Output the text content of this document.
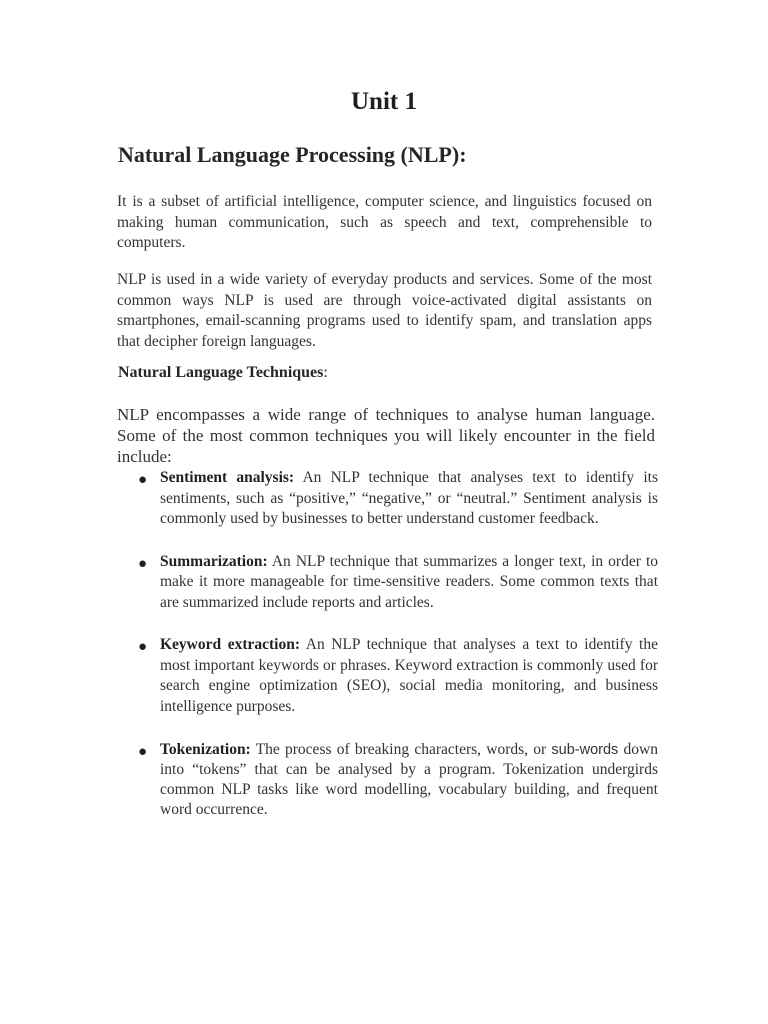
Unit 1
Natural Language Processing (NLP):

It is a subset of artificial intelligence, computer science, and linguistics focused on making human communication, such as speech and text, comprehensible to computers.

NLP is used in a wide variety of everyday products and services. Some of the most common ways NLP is used are through voice-activated digital assistants on smartphones, email-scanning programs used to identify spam, and translation apps that decipher foreign languages.

Natural Language Techniques:

NLP encompasses a wide range of techniques to analyse human language. Some of the most common techniques you will likely encounter in the field include:

● Sentiment analysis: An NLP technique that analyses text to identify its sentiments, such as “positive,” “negative,” or “neutral.” Sentiment analysis is commonly used by businesses to better understand customer feedback.
● Summarization: An NLP technique that summarizes a longer text, in order to make it more manageable for time-sensitive readers. Some common texts that are summarized include reports and articles.
● Keyword extraction: An NLP technique that analyses a text to identify the most important keywords or phrases. Keyword extraction is commonly used for search engine optimization (SEO), social media monitoring, and business intelligence purposes.
● Tokenization: The process of breaking characters, words, or sub-words down into “tokens” that can be analysed by a program. Tokenization undergirds common NLP tasks like word modelling, vocabulary building, and frequent word occurrence.
